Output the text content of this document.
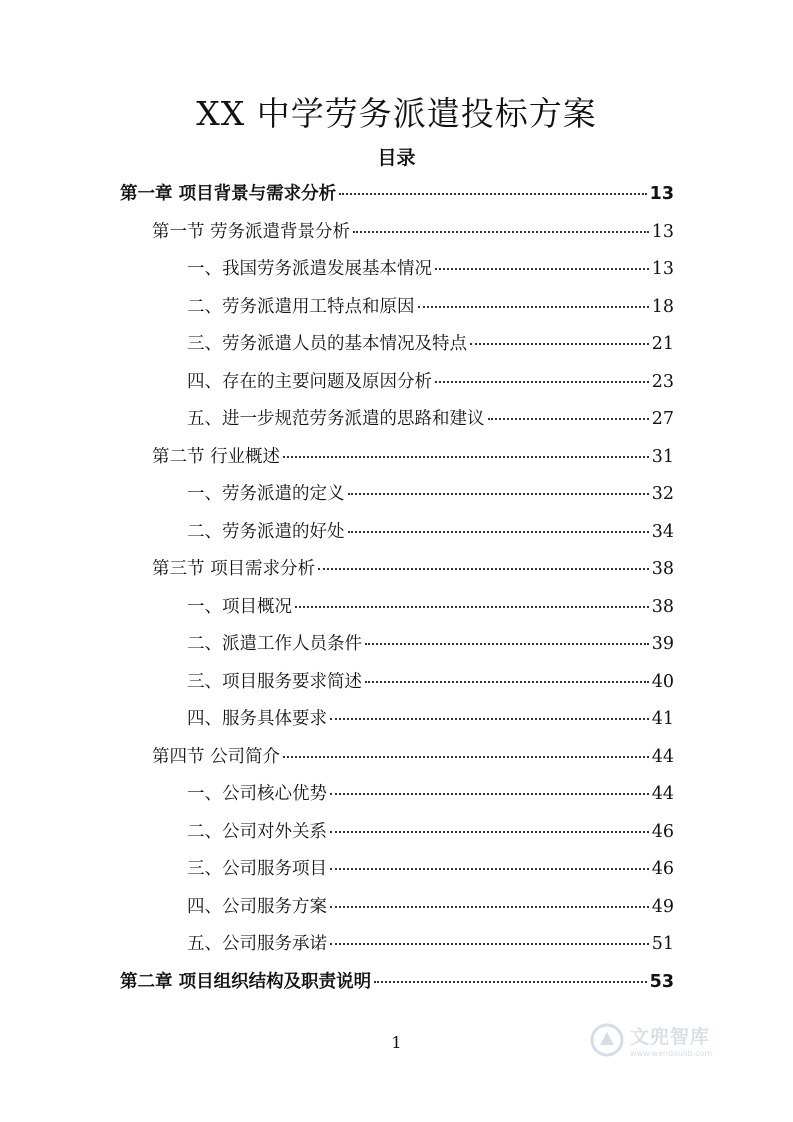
XX 中学劳务派遣投标方案
目录
第一章 项目背景与需求分析	13
第一节 劳务派遣背景分析	13
一、我国劳务派遣发展基本情况	13
二、劳务派遣用工特点和原因	18
三、劳务派遣人员的基本情况及特点	21
四、存在的主要问题及原因分析	23
五、进一步规范劳务派遣的思路和建议	27
第二节 行业概述	31
一、劳务派遣的定义	32
二、劳务派遣的好处	34
第三节 项目需求分析	38
一、项目概况	38
二、派遣工作人员条件	39
三、项目服务要求简述	40
四、服务具体要求	41
第四节 公司简介	44
一、公司核心优势	44
二、公司对外关系	46
三、公司服务项目	46
四、公司服务方案	49
五、公司服务承诺	51
第二章 项目组织结构及职责说明	53
1	文兜智库
www.wendoulib.com
